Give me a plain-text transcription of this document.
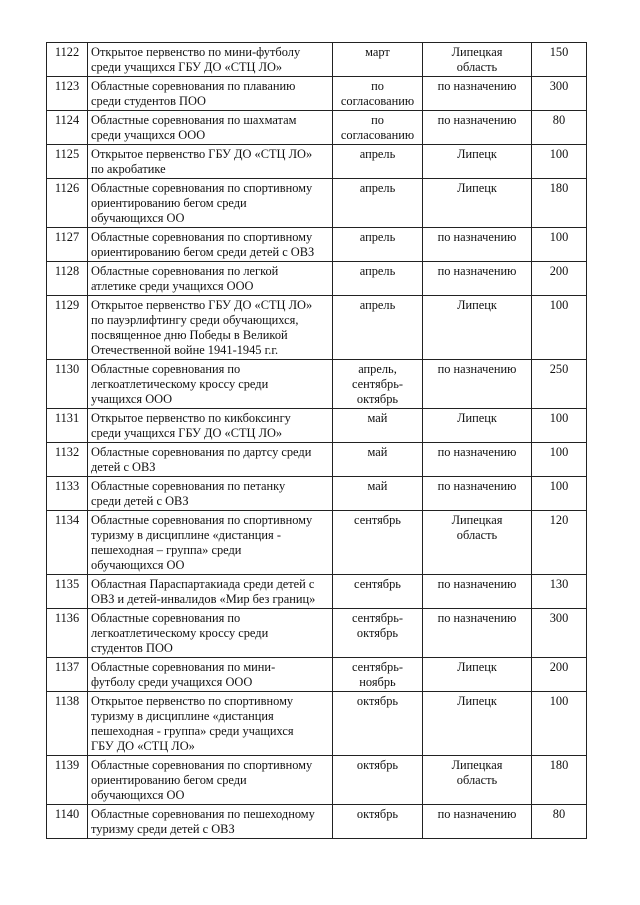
1122	Открытое первенство по мини-футболу
среди учащихся ГБУ ДО «СТЦ ЛО»	март	Липецкая
область	150
1123	Областные соревнования по плаванию
среди студентов ПОО	по
согласованию	по назначению	300
1124	Областные соревнования по шахматам
среди учащихся ООО	по
согласованию	по назначению	80
1125	Открытое первенство ГБУ ДО «СТЦ ЛО»
по акробатике	апрель	Липецк	100
1126	Областные соревнования по спортивному
ориентированию бегом среди
обучающихся ОО	апрель	Липецк	180
1127	Областные соревнования по спортивному
ориентированию бегом среди детей с ОВЗ	апрель	по назначению	100
1128	Областные соревнования по легкой
атлетике среди учащихся ООО	апрель	по назначению	200
1129	Открытое первенство ГБУ ДО «СТЦ ЛО»
по пауэрлифтингу среди обучающихся,
посвященное дню Победы в Великой
Отечественной войне 1941-1945 г.г.	апрель	Липецк	100
1130	Областные соревнования по
легкоатлетическому кроссу среди
учащихся ООО	апрель,
сентябрь-
октябрь	по назначению	250
1131	Открытое первенство по кикбоксингу
среди учащихся ГБУ ДО «СТЦ ЛО»	май	Липецк	100
1132	Областные соревнования по дартсу среди
детей с ОВЗ	май	по назначению	100
1133	Областные соревнования по петанку
среди детей с ОВЗ	май	по назначению	100
1134	Областные соревнования по спортивному
туризму в дисциплине «дистанция -
пешеходная – группа» среди
обучающихся ОО	сентябрь	Липецкая
область	120
1135	Областная Параспартакиада среди детей с
ОВЗ и детей-инвалидов «Мир без границ»	сентябрь	по назначению	130
1136	Областные соревнования по
легкоатлетическому кроссу среди
студентов ПОО	сентябрь-
октябрь	по назначению	300
1137	Областные соревнования по мини-
футболу среди учащихся ООО	сентябрь-
ноябрь	Липецк	200
1138	Открытое первенство по спортивному
туризму в дисциплине «дистанция
пешеходная - группа» среди учащихся
ГБУ ДО «СТЦ ЛО»	октябрь	Липецк	100
1139	Областные соревнования по спортивному
ориентированию бегом среди
обучающихся ОО	октябрь	Липецкая
область	180
1140	Областные соревнования по пешеходному
туризму среди детей с ОВЗ	октябрь	по назначению	80
